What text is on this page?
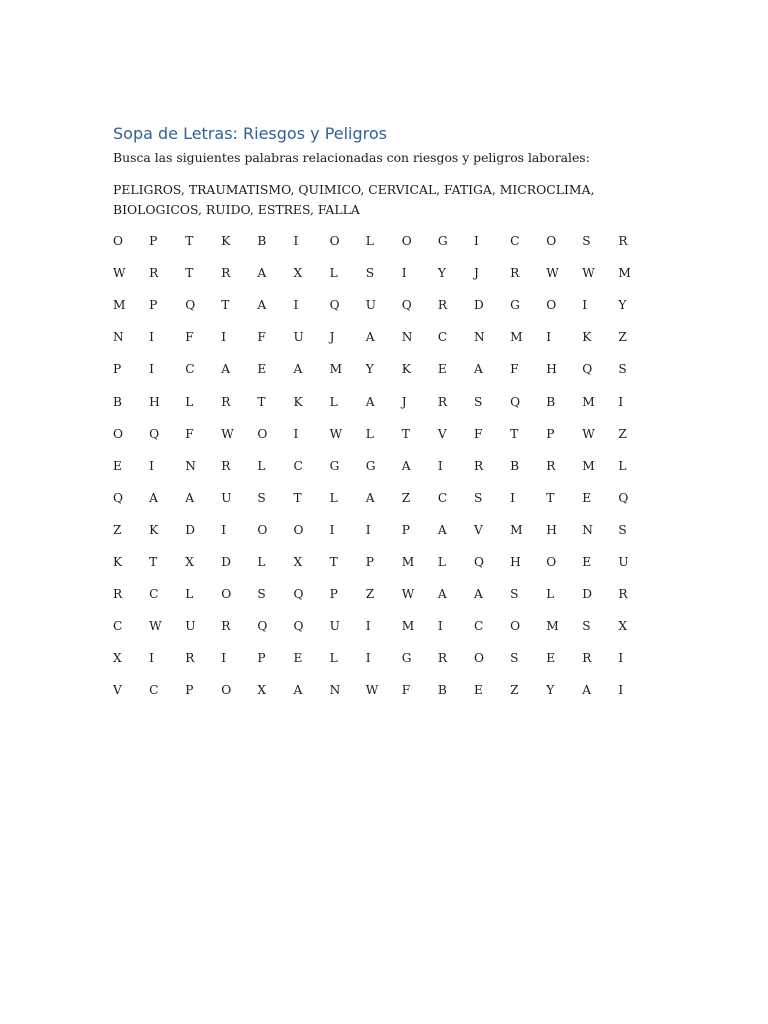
Sopa de Letras: Riesgos y Peligros
Busca las siguientes palabras relacionadas con riesgos y peligros laborales:
PELIGROS, TRAUMATISMO, QUIMICO, CERVICAL, FATIGA, MICROCLIMA, BIOLOGICOS, RUIDO, ESTRES, FALLA
O	P	T	K	B	I	O	L	O	G	I	C	O	S	R
W	R	T	R	A	X	L	S	I	Y	J	R	W	W	M
M	P	Q	T	A	I	Q	U	Q	R	D	G	O	I	Y
N	I	F	I	F	U	J	A	N	C	N	M	I	K	Z
P	I	C	A	E	A	M	Y	K	E	A	F	H	Q	S
B	H	L	R	T	K	L	A	J	R	S	Q	B	M	I
O	Q	F	W	O	I	W	L	T	V	F	T	P	W	Z
E	I	N	R	L	C	G	G	A	I	R	B	R	M	L
Q	A	A	U	S	T	L	A	Z	C	S	I	T	E	Q
Z	K	D	I	O	O	I	I	P	A	V	M	H	N	S
K	T	X	D	L	X	T	P	M	L	Q	H	O	E	U
R	C	L	O	S	Q	P	Z	W	A	A	S	L	D	R
C	W	U	R	Q	Q	U	I	M	I	C	O	M	S	X
X	I	R	I	P	E	L	I	G	R	O	S	E	R	I
V	C	P	O	X	A	N	W	F	B	E	Z	Y	A	I
